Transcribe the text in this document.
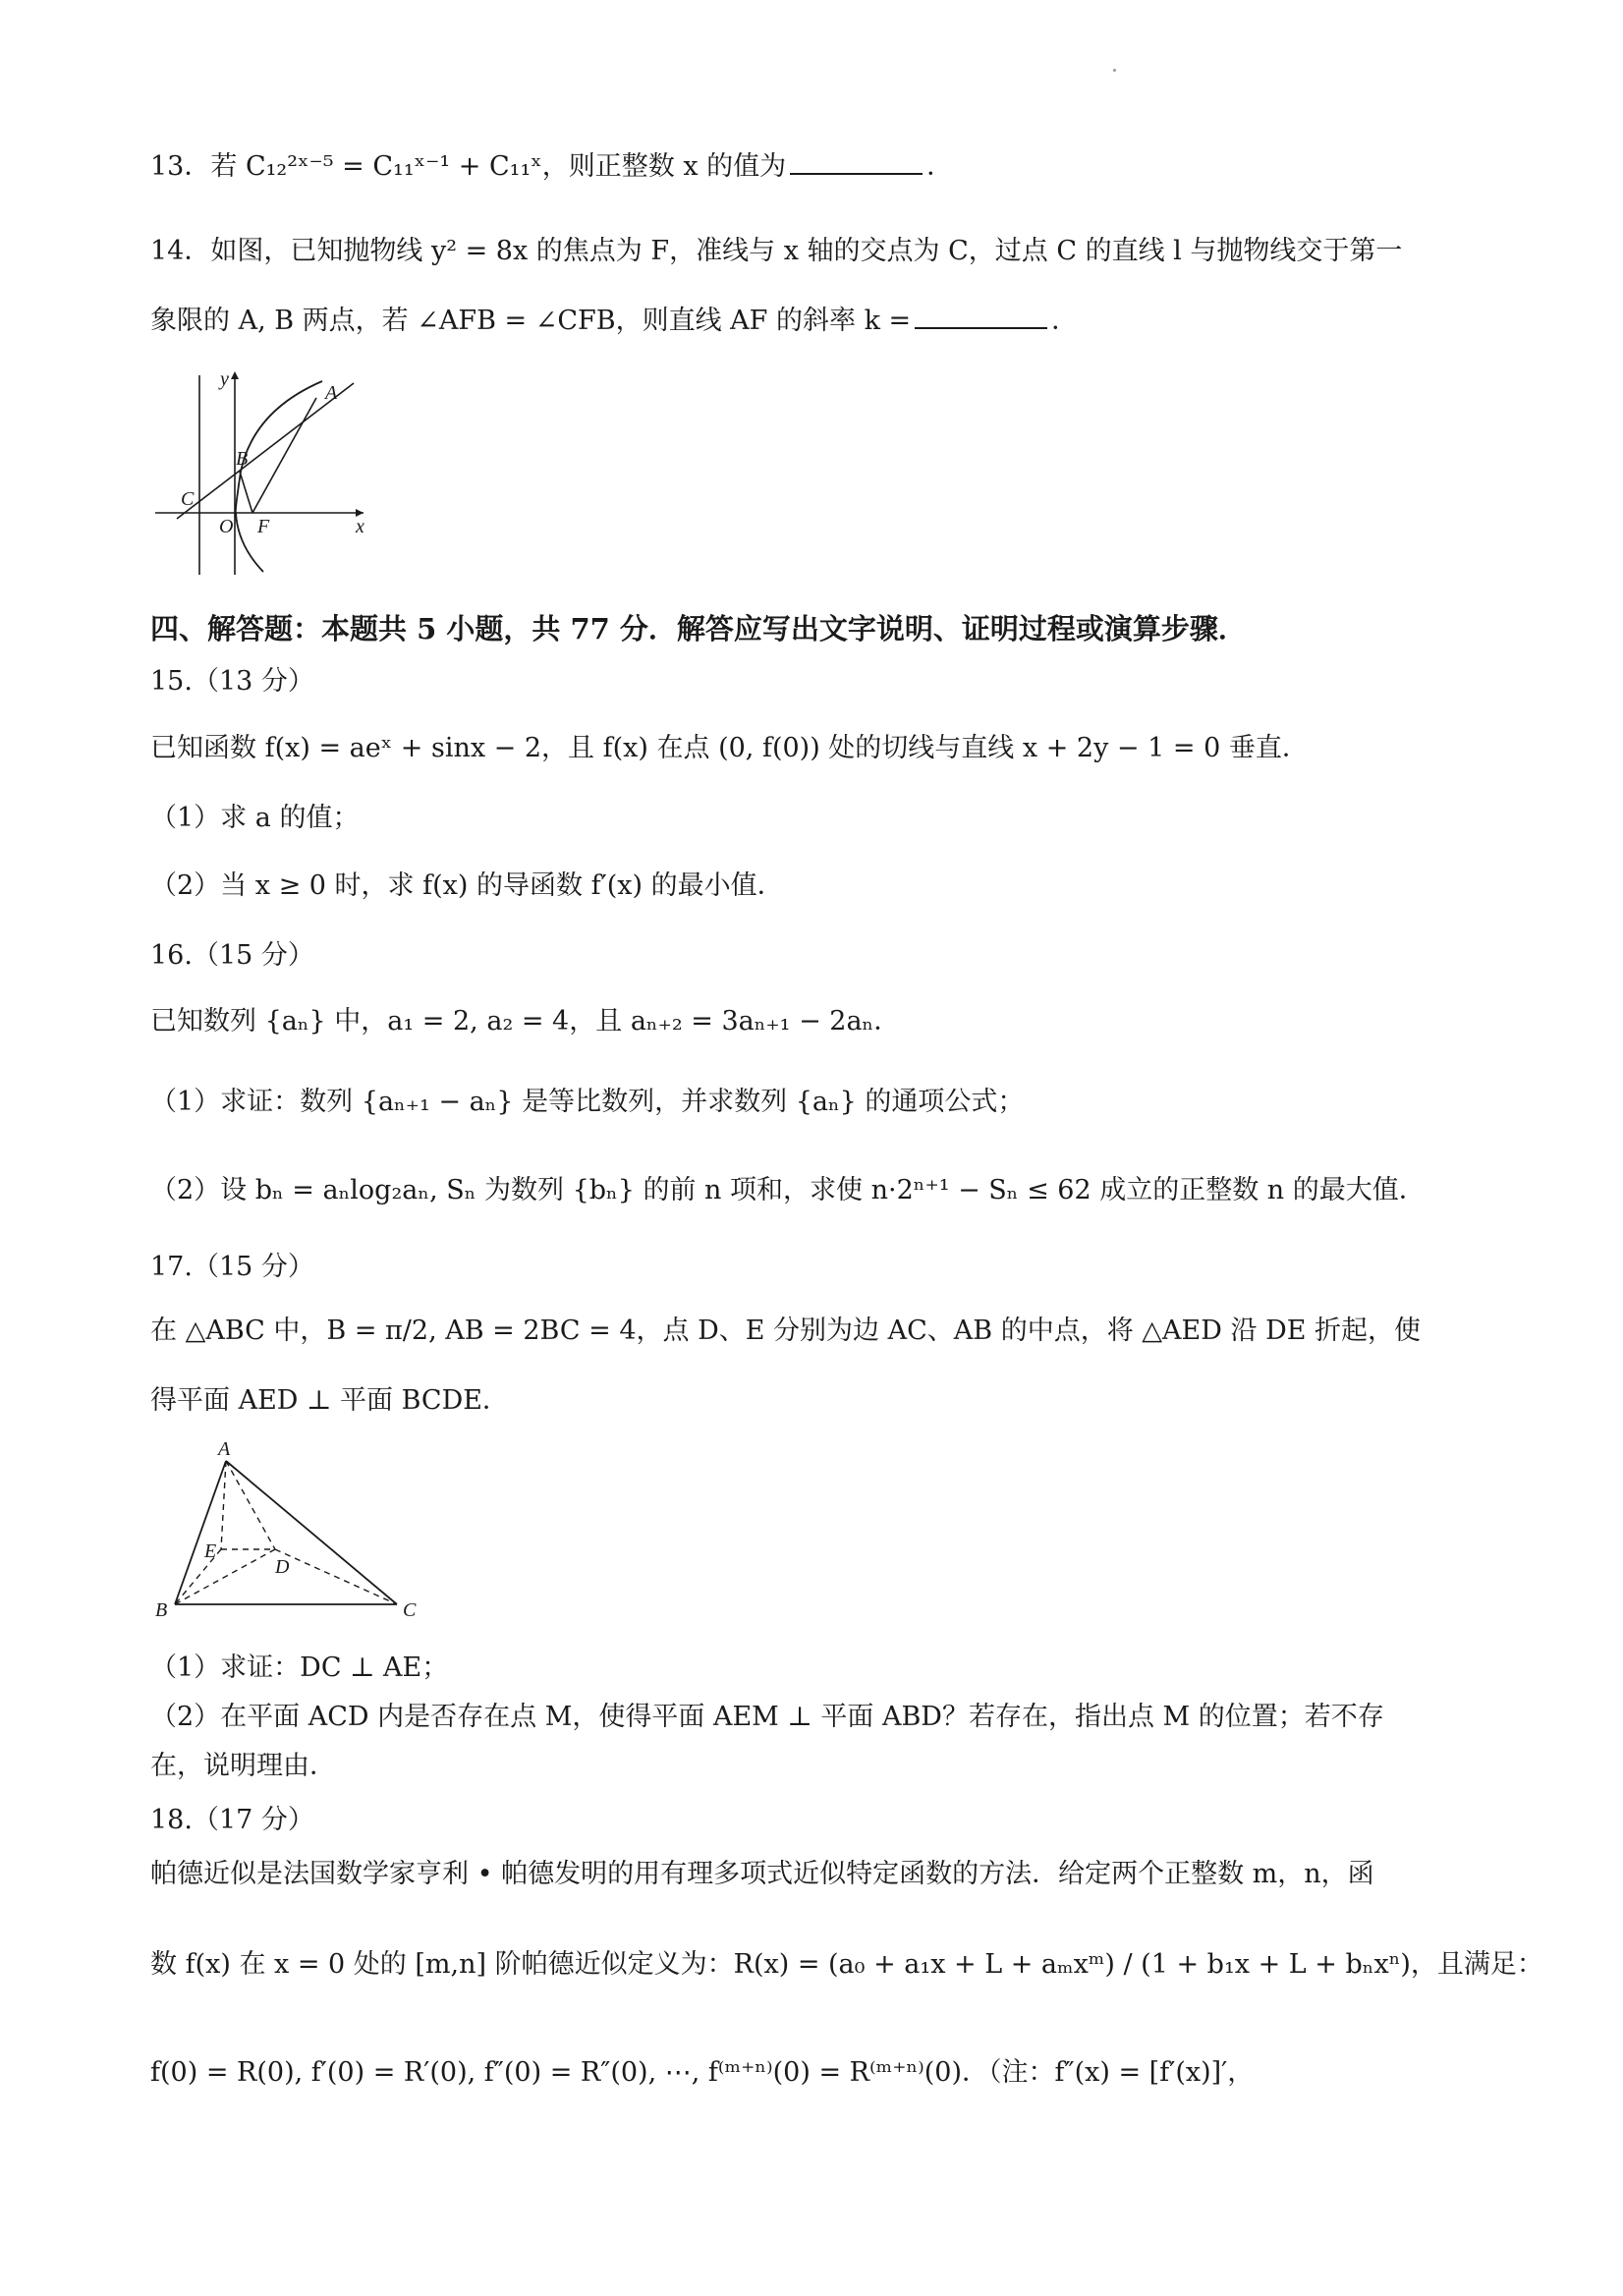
13．若 C₁₂²ˣ⁻⁵ = C₁₁ˣ⁻¹ + C₁₁ˣ，则正整数 x 的值为	．
14．如图，已知抛物线 y² = 8x 的焦点为 F，准线与 x 轴的交点为 C，过点 C 的直线 l 与抛物线交于第一
象限的 A, B 两点，若 ∠AFB = ∠CFB，则直线 AF 的斜率 k =	．
y
A
B
C
O F	x
四、解答题：本题共 5 小题，共 77 分．解答应写出文字说明、证明过程或演算步骤．
15.（13 分）
已知函数 f(x) = aeˣ + sinx − 2，且 f(x) 在点 (0, f(0)) 处的切线与直线 x + 2y − 1 = 0 垂直．
（1）求 a 的值；
（2）当 x ≥ 0 时，求 f(x) 的导函数 f′(x) 的最小值．
16.（15 分）
已知数列 {aₙ} 中，a₁ = 2, a₂ = 4，且 aₙ₊₂ = 3aₙ₊₁ − 2aₙ．
（1）求证：数列 {aₙ₊₁ − aₙ} 是等比数列，并求数列 {aₙ} 的通项公式；
（2）设 bₙ = aₙlog₂aₙ, Sₙ 为数列 {bₙ} 的前 n 项和，求使 n·2ⁿ⁺¹ − Sₙ ≤ 62 成立的正整数 n 的最大值．
17.（15 分）
在 △ABC 中，B = π/2, AB = 2BC = 4，点 D、E 分别为边 AC、AB 的中点，将 △AED 沿 DE 折起，使
得平面 AED ⊥ 平面 BCDE．
A
E
D
B	C
（1）求证：DC ⊥ AE；
（2）在平面 ACD 内是否存在点 M，使得平面 AEM ⊥ 平面 ABD？若存在，指出点 M 的位置；若不存
在，说明理由．
18.（17 分）
帕德近似是法国数学家亨利 • 帕德发明的用有理多项式近似特定函数的方法．给定两个正整数 m，n，函
数 f(x) 在 x = 0 处的 [m,n] 阶帕德近似定义为：R(x) = (a₀ + a₁x + L + aₘxᵐ) / (1 + b₁x + L + bₙxⁿ)，且满足：
f(0) = R(0), f′(0) = R′(0), f″(0) = R″(0), ⋯, f⁽ᵐ⁺ⁿ⁾(0) = R⁽ᵐ⁺ⁿ⁾(0)．（注：f″(x) = [f′(x)]′，
